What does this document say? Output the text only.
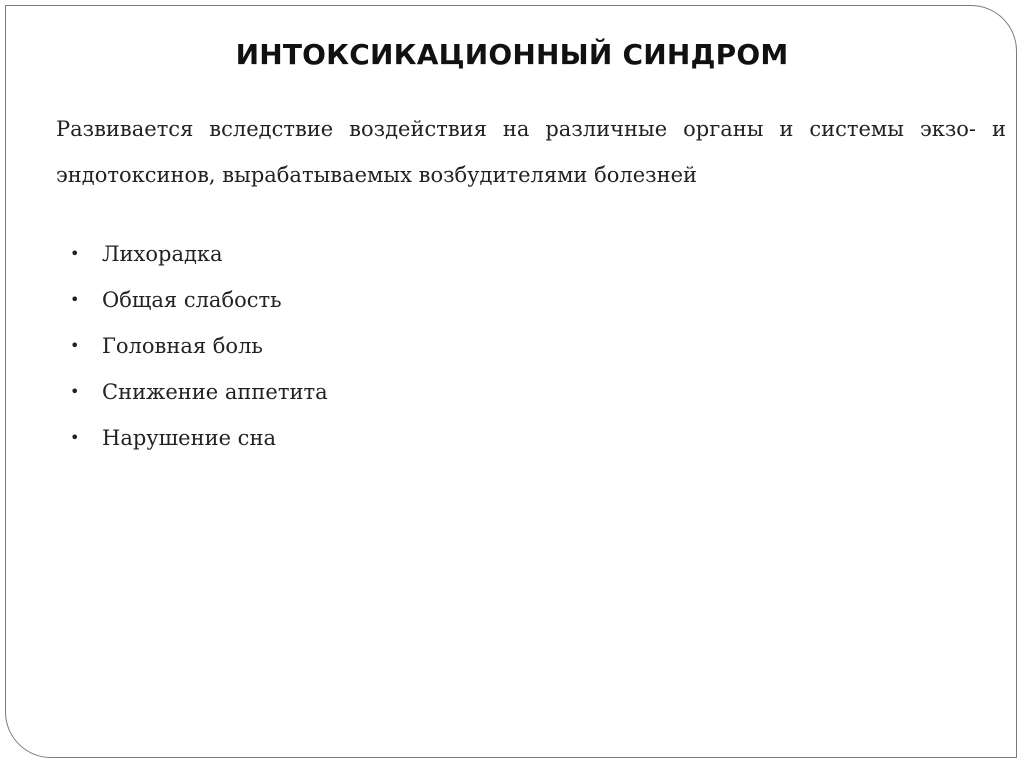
ИНТОКСИКАЦИОННЫЙ СИНДРОМ
Развивается вследствие воздействия на различные органы и системы экзо- и эндотоксинов, вырабатываемых возбудителями болезней
• Лихорадка
• Общая слабость
• Головная боль
• Снижение аппетита
• Нарушение сна
